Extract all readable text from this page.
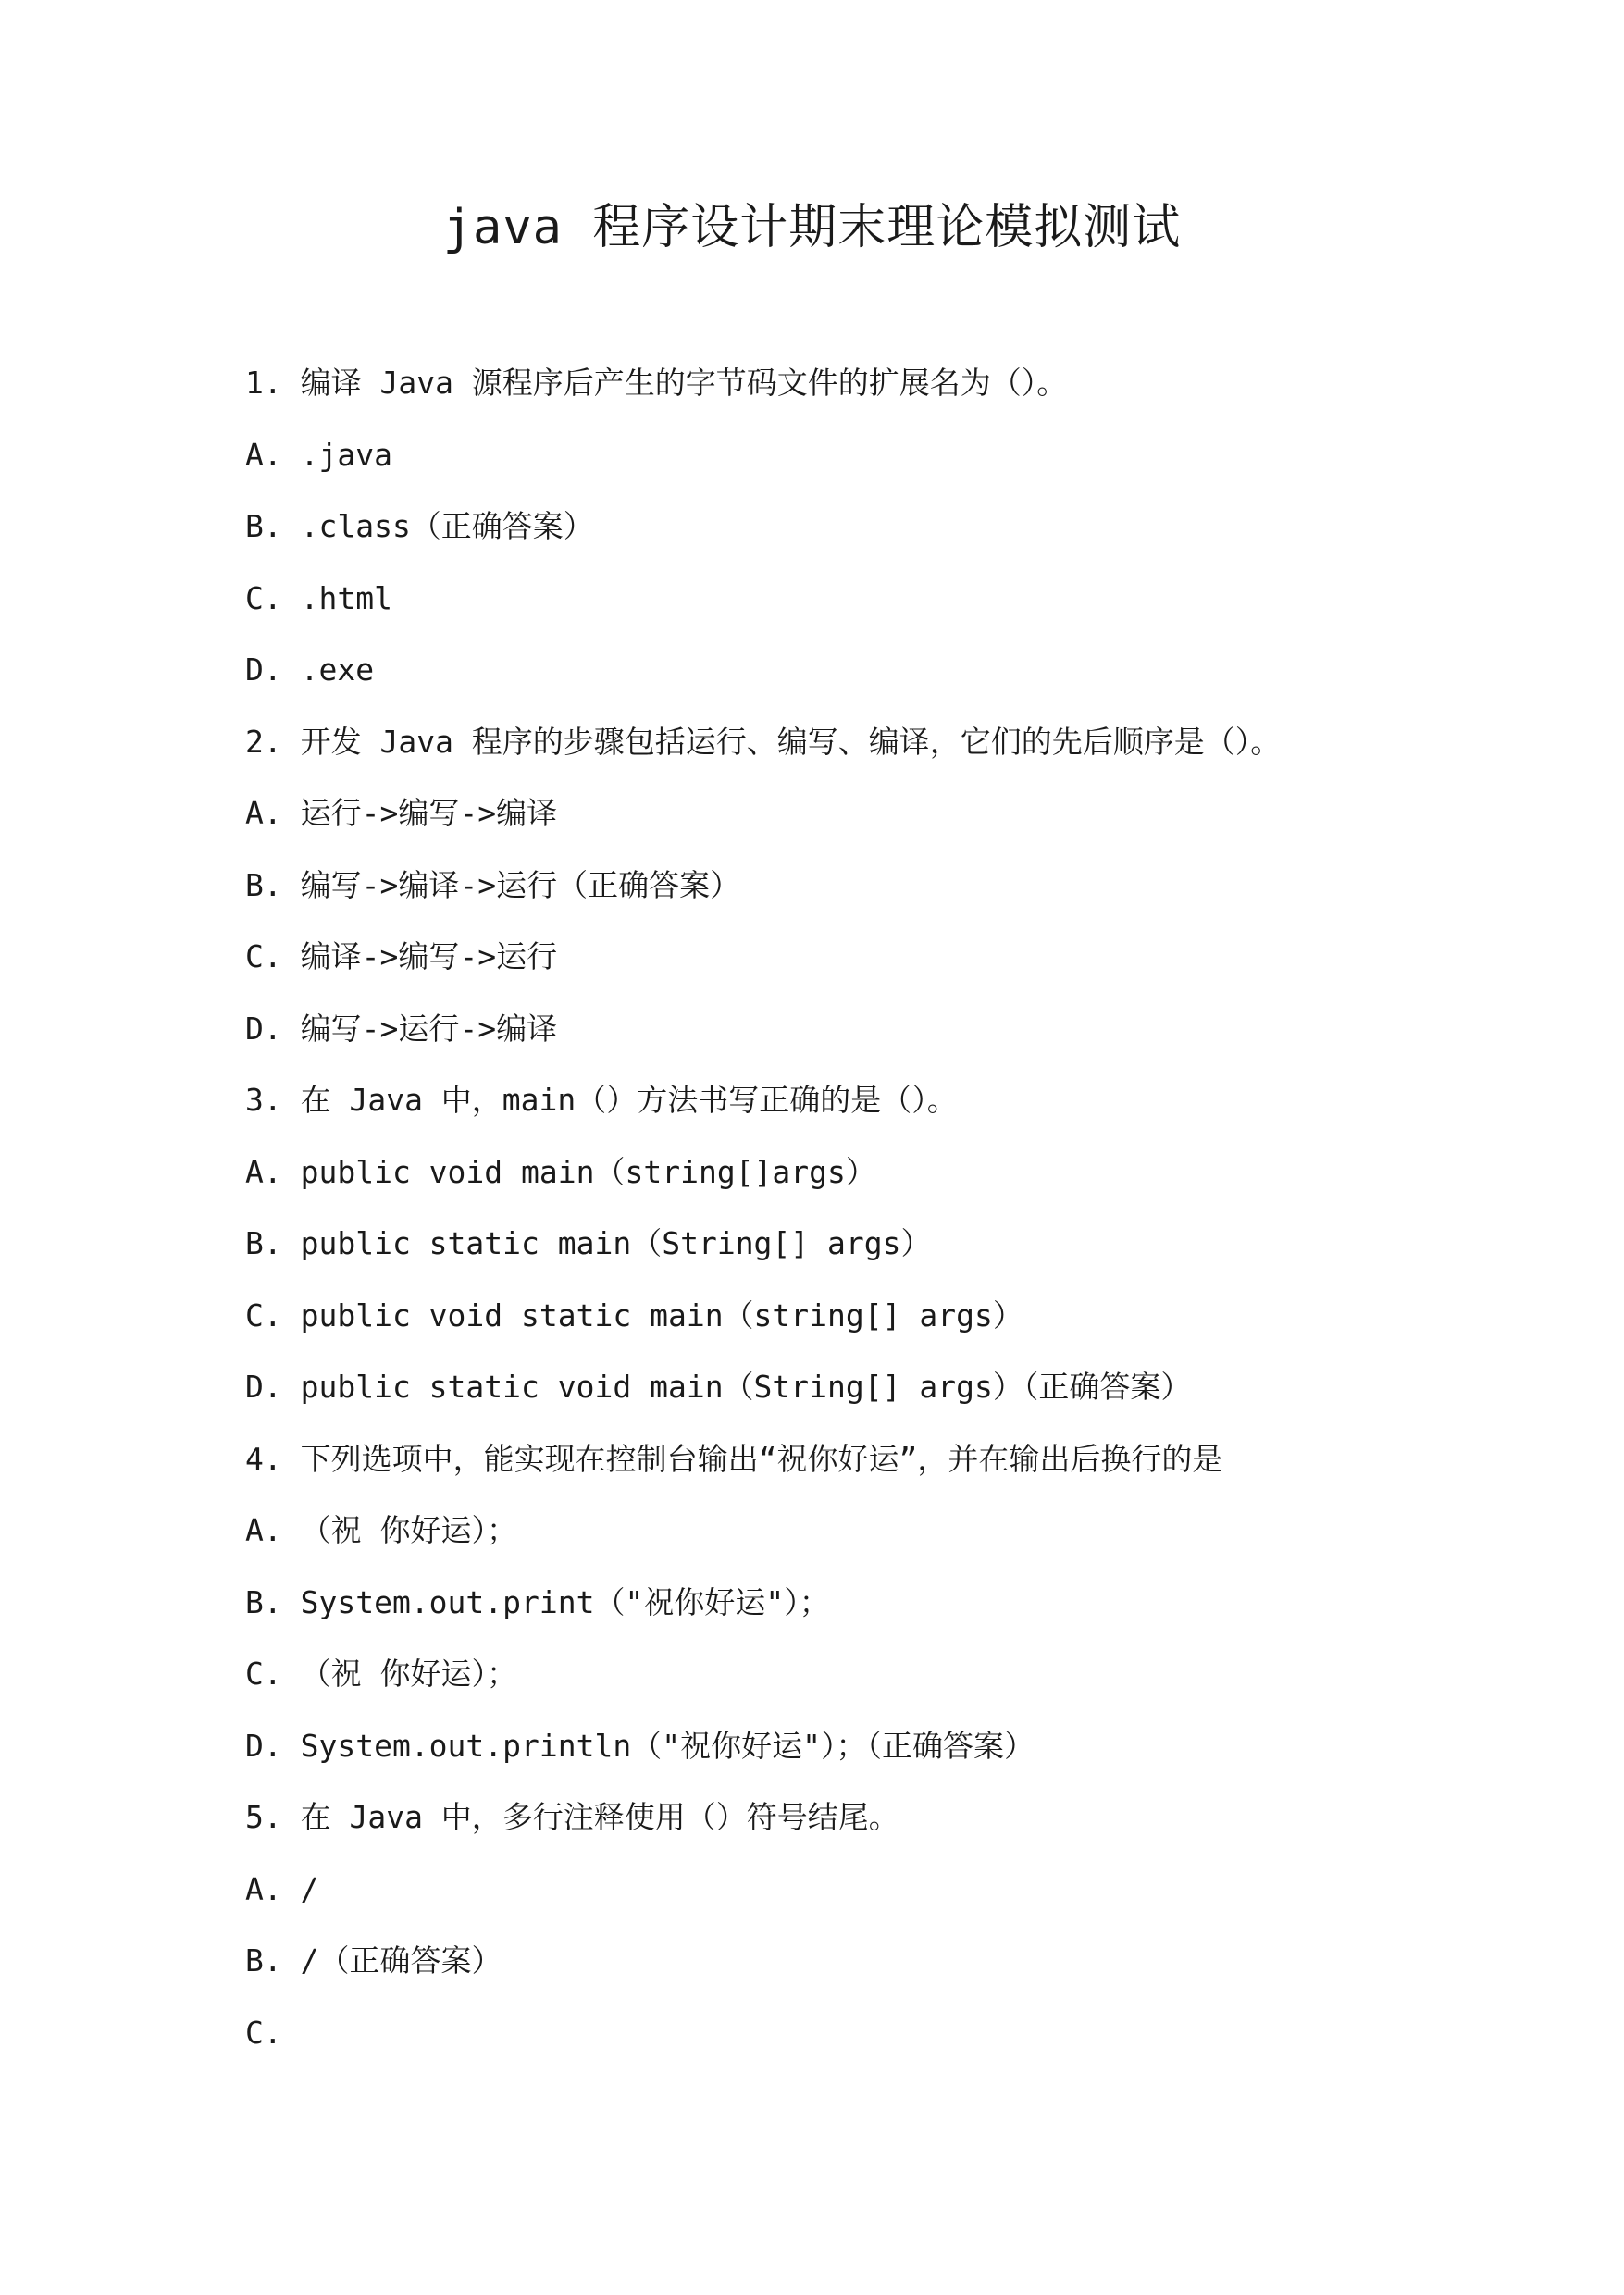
java 程序设计期末理论模拟测试
1. 编译 Java 源程序后产生的字节码文件的扩展名为（）。
A. .java
B. .class（正确答案）
C. .html
D. .exe
2. 开发 Java 程序的步骤包括运行、编写、编译，它们的先后顺序是（）。
A. 运行->编写->编译
B. 编写->编译->运行（正确答案）
C. 编译->编写->运行
D. 编写->运行->编译
3. 在 Java 中，main（）方法书写正确的是（）。
A. public void main（string[]args）
B. public static main（String[] args）
C. public void static main（string[] args）
D. public static void main（String[] args）（正确答案）
4. 下列选项中，能实现在控制台输出“祝你好运”，并在输出后换行的是
A. （祝 你好运）；
B. System.out.print（"祝你好运"）；
C. （祝 你好运）；
D. System.out.println（"祝你好运"）；（正确答案）
5. 在 Java 中，多行注释使用（）符号结尾。
A. /
B. /（正确答案）
C.
